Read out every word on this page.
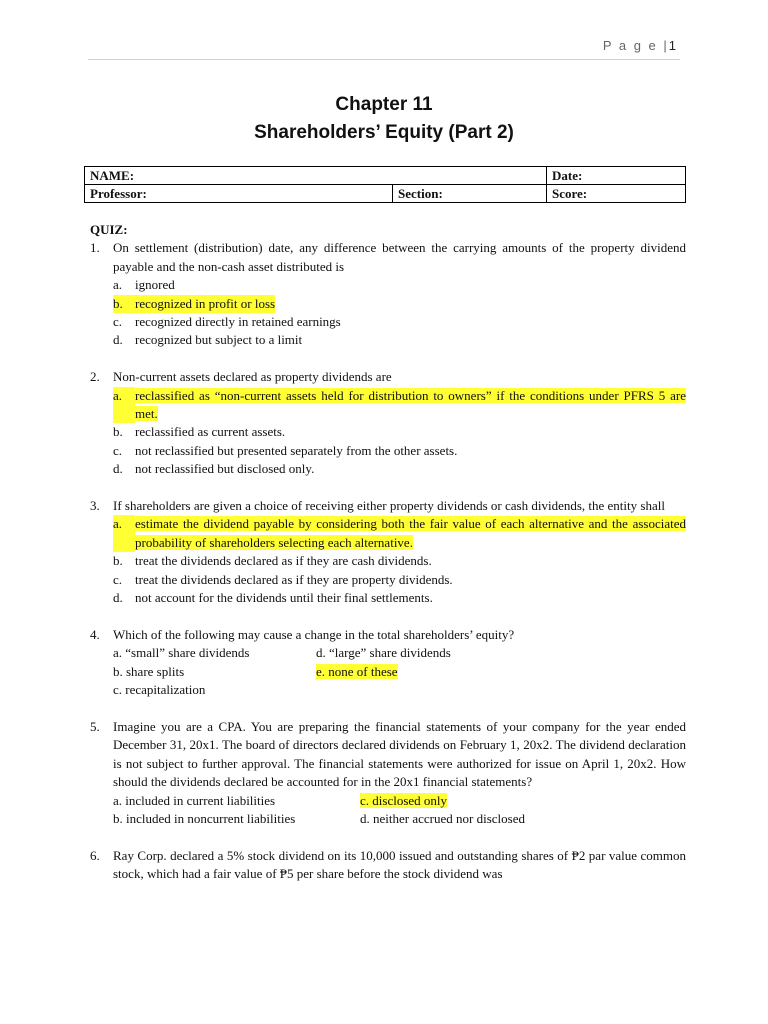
P a g e |1
Chapter 11
Shareholders’ Equity (Part 2)
NAME:		Date:
Professor:	Section:	Score:
QUIZ:
1.	On settlement (distribution) date, any difference between the carrying amounts of the property dividend payable and the non-cash asset distributed is
a. ignored
b. recognized in profit or loss
c. recognized directly in retained earnings
d. recognized but subject to a limit
2.	Non-current assets declared as property dividends are
a. reclassified as “non-current assets held for distribution to owners” if the conditions under PFRS 5 are met.
b. reclassified as current assets.
c. not reclassified but presented separately from the other assets.
d. not reclassified but disclosed only.
3.	If shareholders are given a choice of receiving either property dividends or cash dividends, the entity shall
a. estimate the dividend payable by considering both the fair value of each alternative and the associated probability of shareholders selecting each alternative.
b. treat the dividends declared as if they are cash dividends.
c. treat the dividends declared as if they are property dividends.
d. not account for the dividends until their final settlements.
4.	Which of the following may cause a change in the total shareholders’ equity?
a. “small” share dividends	d. “large” share dividends
b. share splits	e. none of these
c. recapitalization
5.	Imagine you are a CPA. You are preparing the financial statements of your company for the year ended December 31, 20x1. The board of directors declared dividends on February 1, 20x2. The dividend declaration is not subject to further approval. The financial statements were authorized for issue on April 1, 20x2. How should the dividends declared be accounted for in the 20x1 financial statements?
a. included in current liabilities	c. disclosed only
b. included in noncurrent liabilities	d. neither accrued nor disclosed
6.	Ray Corp. declared a 5% stock dividend on its 10,000 issued and outstanding shares of ₱2 par value common stock, which had a fair value of ₱5 per share before the stock dividend was
